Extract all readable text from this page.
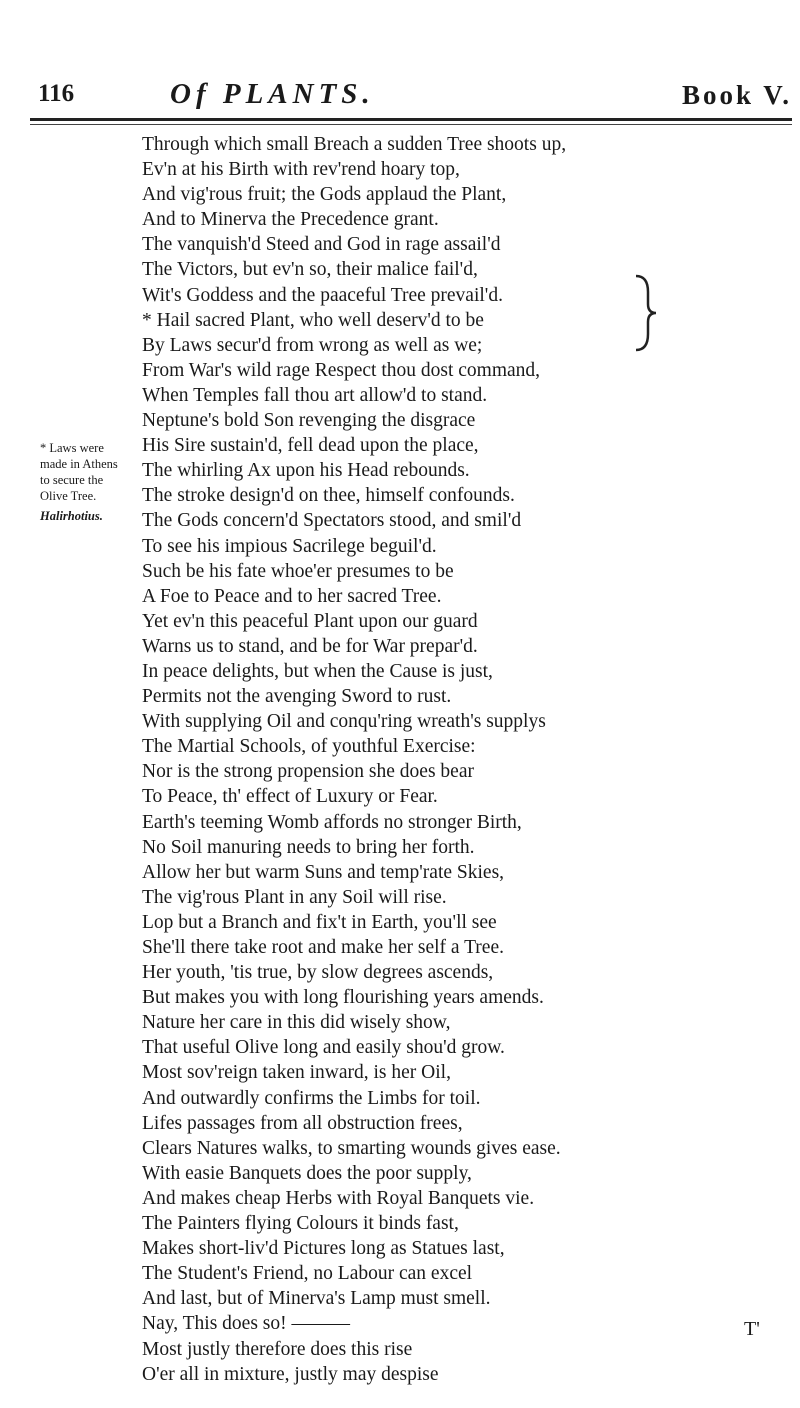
116	Of PLANTS.	Book V.
* Laws were made in Athens to secure the Olive Tree.
Halirhotius.
Through which small Breach a sudden Tree shoots up,
Ev'n at his Birth with rev'rend hoary top,
And vig'rous fruit; the Gods applaud the Plant,
And to Minerva the Precedence grant.
The vanquish'd Steed and God in rage assail'd
The Victors, but ev'n so, their malice fail'd,
Wit's Goddess and the paaceful Tree prevail'd.
* Hail sacred Plant, who well deserv'd to be
By Laws secur'd from wrong as well as we;
From War's wild rage Respect thou dost command,
When Temples fall thou art allow'd to stand.
Neptune's bold Son revenging the disgrace
His Sire sustain'd, fell dead upon the place,
The whirling Ax upon his Head rebounds.
The stroke design'd on thee, himself confounds.
The Gods concern'd Spectators stood, and smil'd
To see his impious Sacrilege beguil'd.
Such be his fate whoe'er presumes to be
A Foe to Peace and to her sacred Tree.
Yet ev'n this peaceful Plant upon our guard
Warns us to stand, and be for War prepar'd.
In peace delights, but when the Cause is just,
Permits not the avenging Sword to rust.
With supplying Oil and conqu'ring wreath's supplys
The Martial Schools, of youthful Exercise:
Nor is the strong propension she does bear
To Peace, th' effect of Luxury or Fear.
Earth's teeming Womb affords no stronger Birth,
No Soil manuring needs to bring her forth.
Allow her but warm Suns and temp'rate Skies,
The vig'rous Plant in any Soil will rise.
Lop but a Branch and fix't in Earth, you'll see
She'll there take root and make her self a Tree.
Her youth, 'tis true, by slow degrees ascends,
But makes you with long flourishing years amends.
Nature her care in this did wisely show,
That useful Olive long and easily shou'd grow.
Most sov'reign taken inward, is her Oil,
And outwardly confirms the Limbs for toil.
Lifes passages from all obstruction frees,
Clears Natures walks, to smarting wounds gives ease.
With easie Banquets does the poor supply,
And makes cheap Herbs with Royal Banquets vie.
The Painters flying Colours it binds fast,
Makes short-liv'd Pictures long as Statues last,
The Student's Friend, no Labour can excel
And last, but of Minerva's Lamp must smell.
Nay, This does so! ———
Most justly therefore does this rise
O'er all in mixture, justly may despise
T'
